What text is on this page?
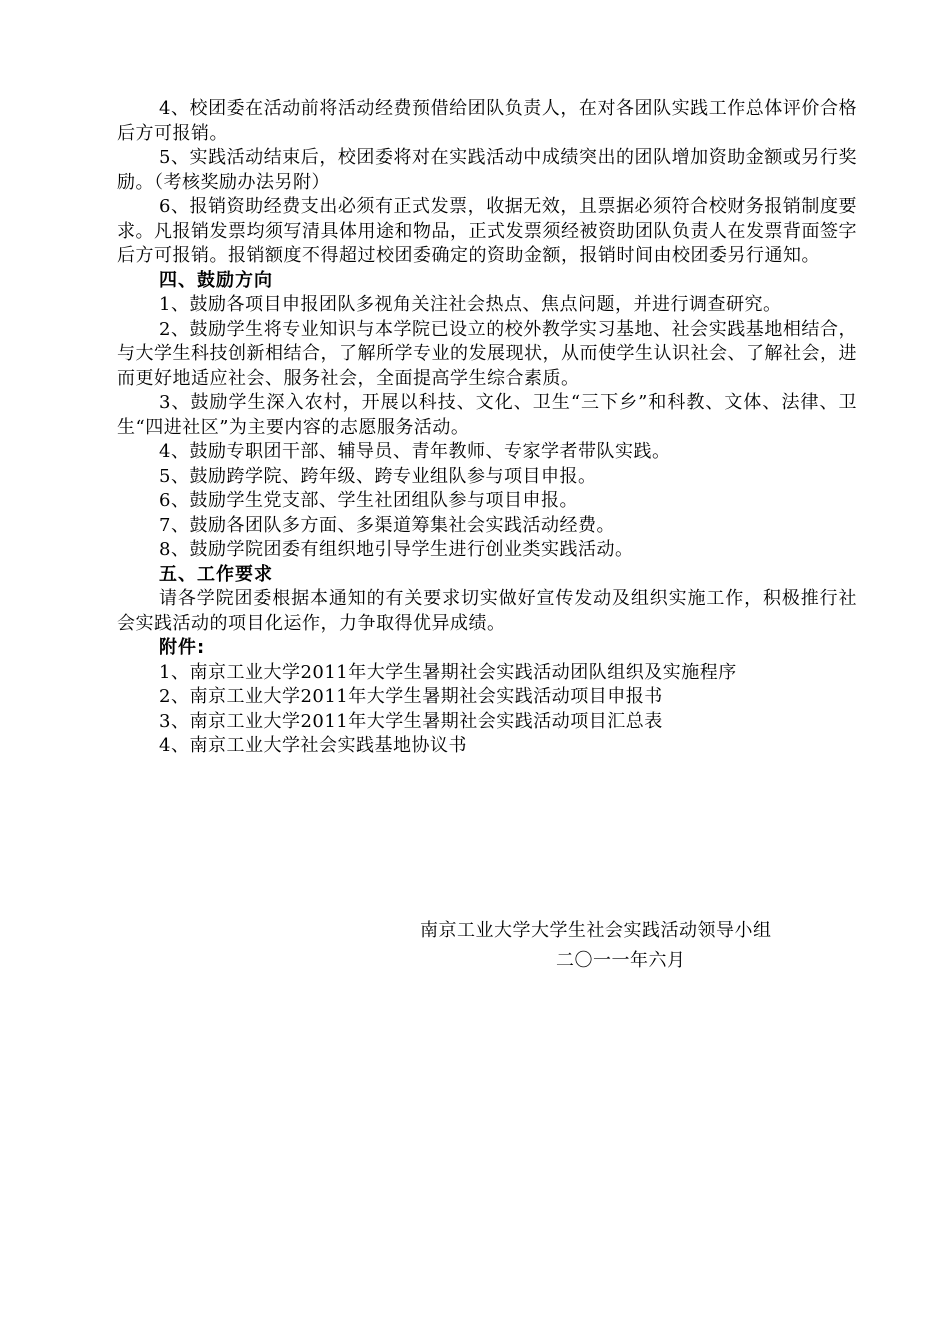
4、校团委在活动前将活动经费预借给团队负责人，在对各团队实践工作总体评价合格后方可报销。

5、实践活动结束后，校团委将对在实践活动中成绩突出的团队增加资助金额或另行奖励。（考核奖励办法另附）

6、报销资助经费支出必须有正式发票，收据无效，且票据必须符合校财务报销制度要求。凡报销发票均须写清具体用途和物品，正式发票须经被资助团队负责人在发票背面签字后方可报销。报销额度不得超过校团委确定的资助金额，报销时间由校团委另行通知。

四、鼓励方向

1、鼓励各项目申报团队多视角关注社会热点、焦点问题，并进行调查研究。

2、鼓励学生将专业知识与本学院已设立的校外教学实习基地、社会实践基地相结合，与大学生科技创新相结合，了解所学专业的发展现状，从而使学生认识社会、了解社会，进而更好地适应社会、服务社会，全面提高学生综合素质。

3、鼓励学生深入农村，开展以科技、文化、卫生“三下乡”和科教、文体、法律、卫生“四进社区”为主要内容的志愿服务活动。

4、鼓励专职团干部、辅导员、青年教师、专家学者带队实践。

5、鼓励跨学院、跨年级、跨专业组队参与项目申报。

6、鼓励学生党支部、学生社团组队参与项目申报。

7、鼓励各团队多方面、多渠道筹集社会实践活动经费。

8、鼓励学院团委有组织地引导学生进行创业类实践活动。

五、工作要求

请各学院团委根据本通知的有关要求切实做好宣传发动及组织实施工作，积极推行社会实践活动的项目化运作，力争取得优异成绩。

附件:

1、南京工业大学2011年大学生暑期社会实践活动团队组织及实施程序

2、南京工业大学2011年大学生暑期社会实践活动项目申报书

3、南京工业大学2011年大学生暑期社会实践活动项目汇总表

4、南京工业大学社会实践基地协议书

南京工业大学大学生社会实践活动领导小组
二〇一一年六月
